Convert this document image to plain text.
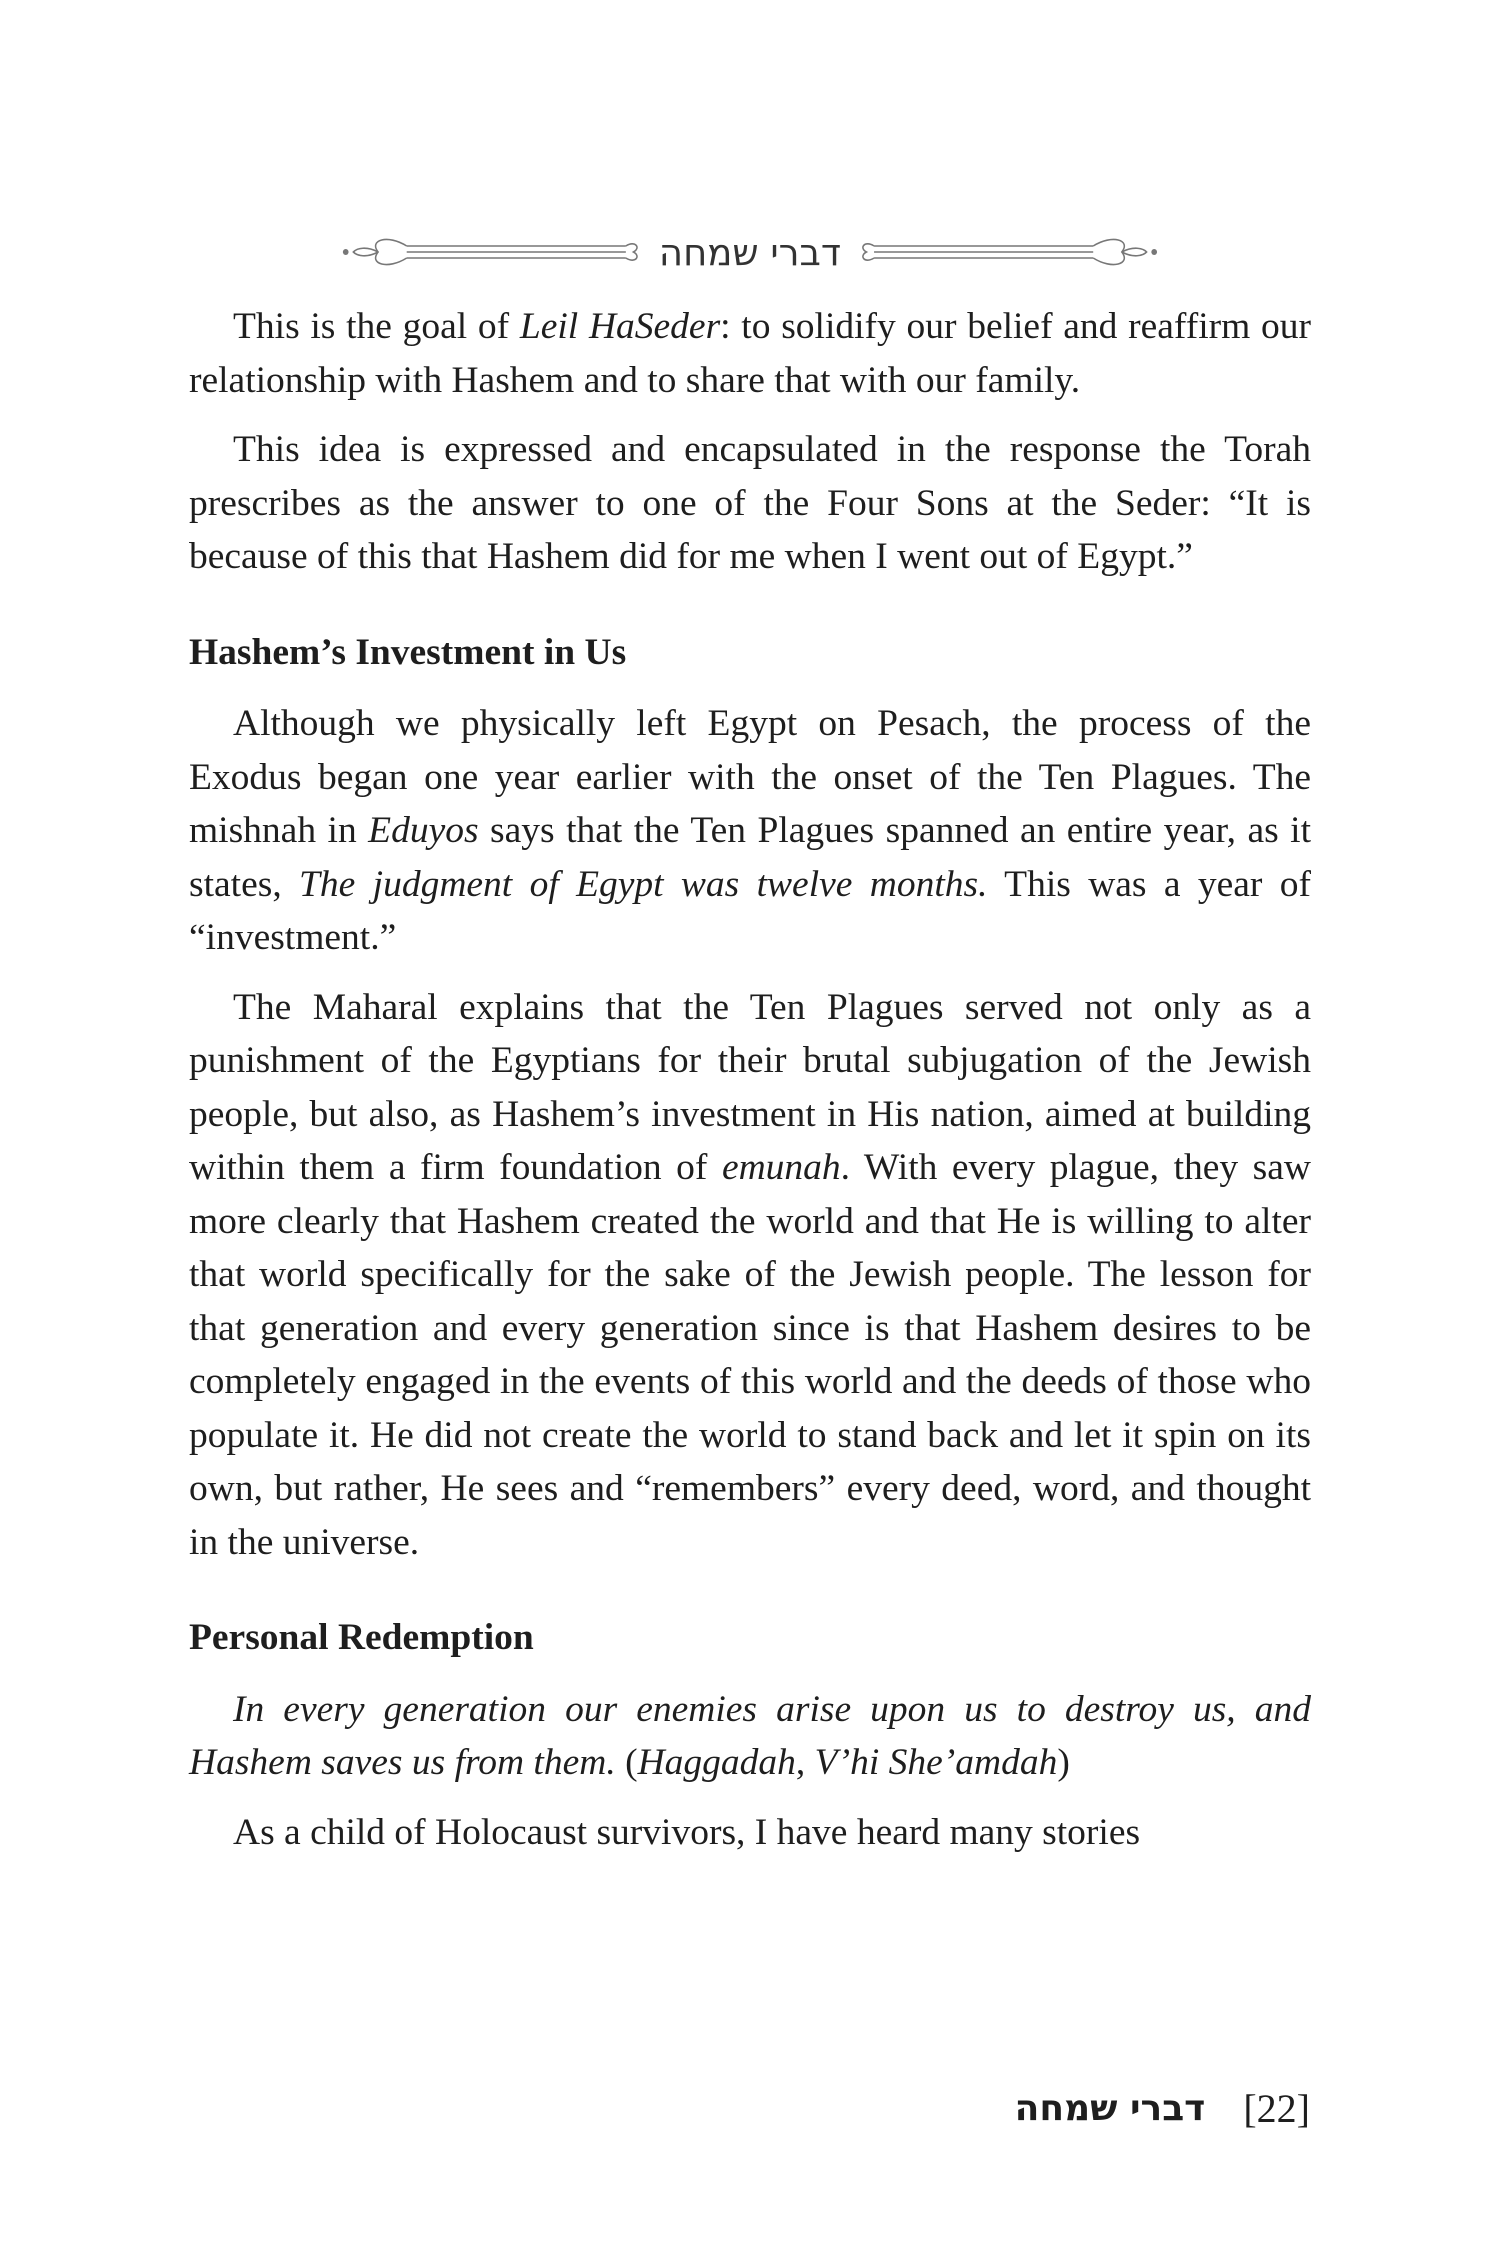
דברי שמחה

This is the goal of Leil HaSeder: to solidify our belief and reaffirm our relationship with Hashem and to share that with our family.

This idea is expressed and encapsulated in the response the Torah prescribes as the answer to one of the Four Sons at the Seder: “It is because of this that Hashem did for me when I went out of Egypt.”

Hashem’s Investment in Us

Although we physically left Egypt on Pesach, the process of the Exodus began one year earlier with the onset of the Ten Plagues. The mishnah in Eduyos says that the Ten Plagues spanned an entire year, as it states, The judgment of Egypt was twelve months. This was a year of “investment.”

The Maharal explains that the Ten Plagues served not only as a punishment of the Egyptians for their brutal subjugation of the Jewish people, but also, as Hashem’s investment in His nation, aimed at building within them a firm foundation of emunah. With every plague, they saw more clearly that Hashem created the world and that He is willing to alter that world specifically for the sake of the Jewish people. The lesson for that generation and every generation since is that Hashem desires to be completely engaged in the events of this world and the deeds of those who populate it. He did not create the world to stand back and let it spin on its own, but rather, He sees and “remembers” every deed, word, and thought in the universe.

Personal Redemption

In every generation our enemies arise upon us to destroy us, and Hashem saves us from them. (Haggadah, V’hi She’amdah)

As a child of Holocaust survivors, I have heard many stories

דברי שמחה [22]
